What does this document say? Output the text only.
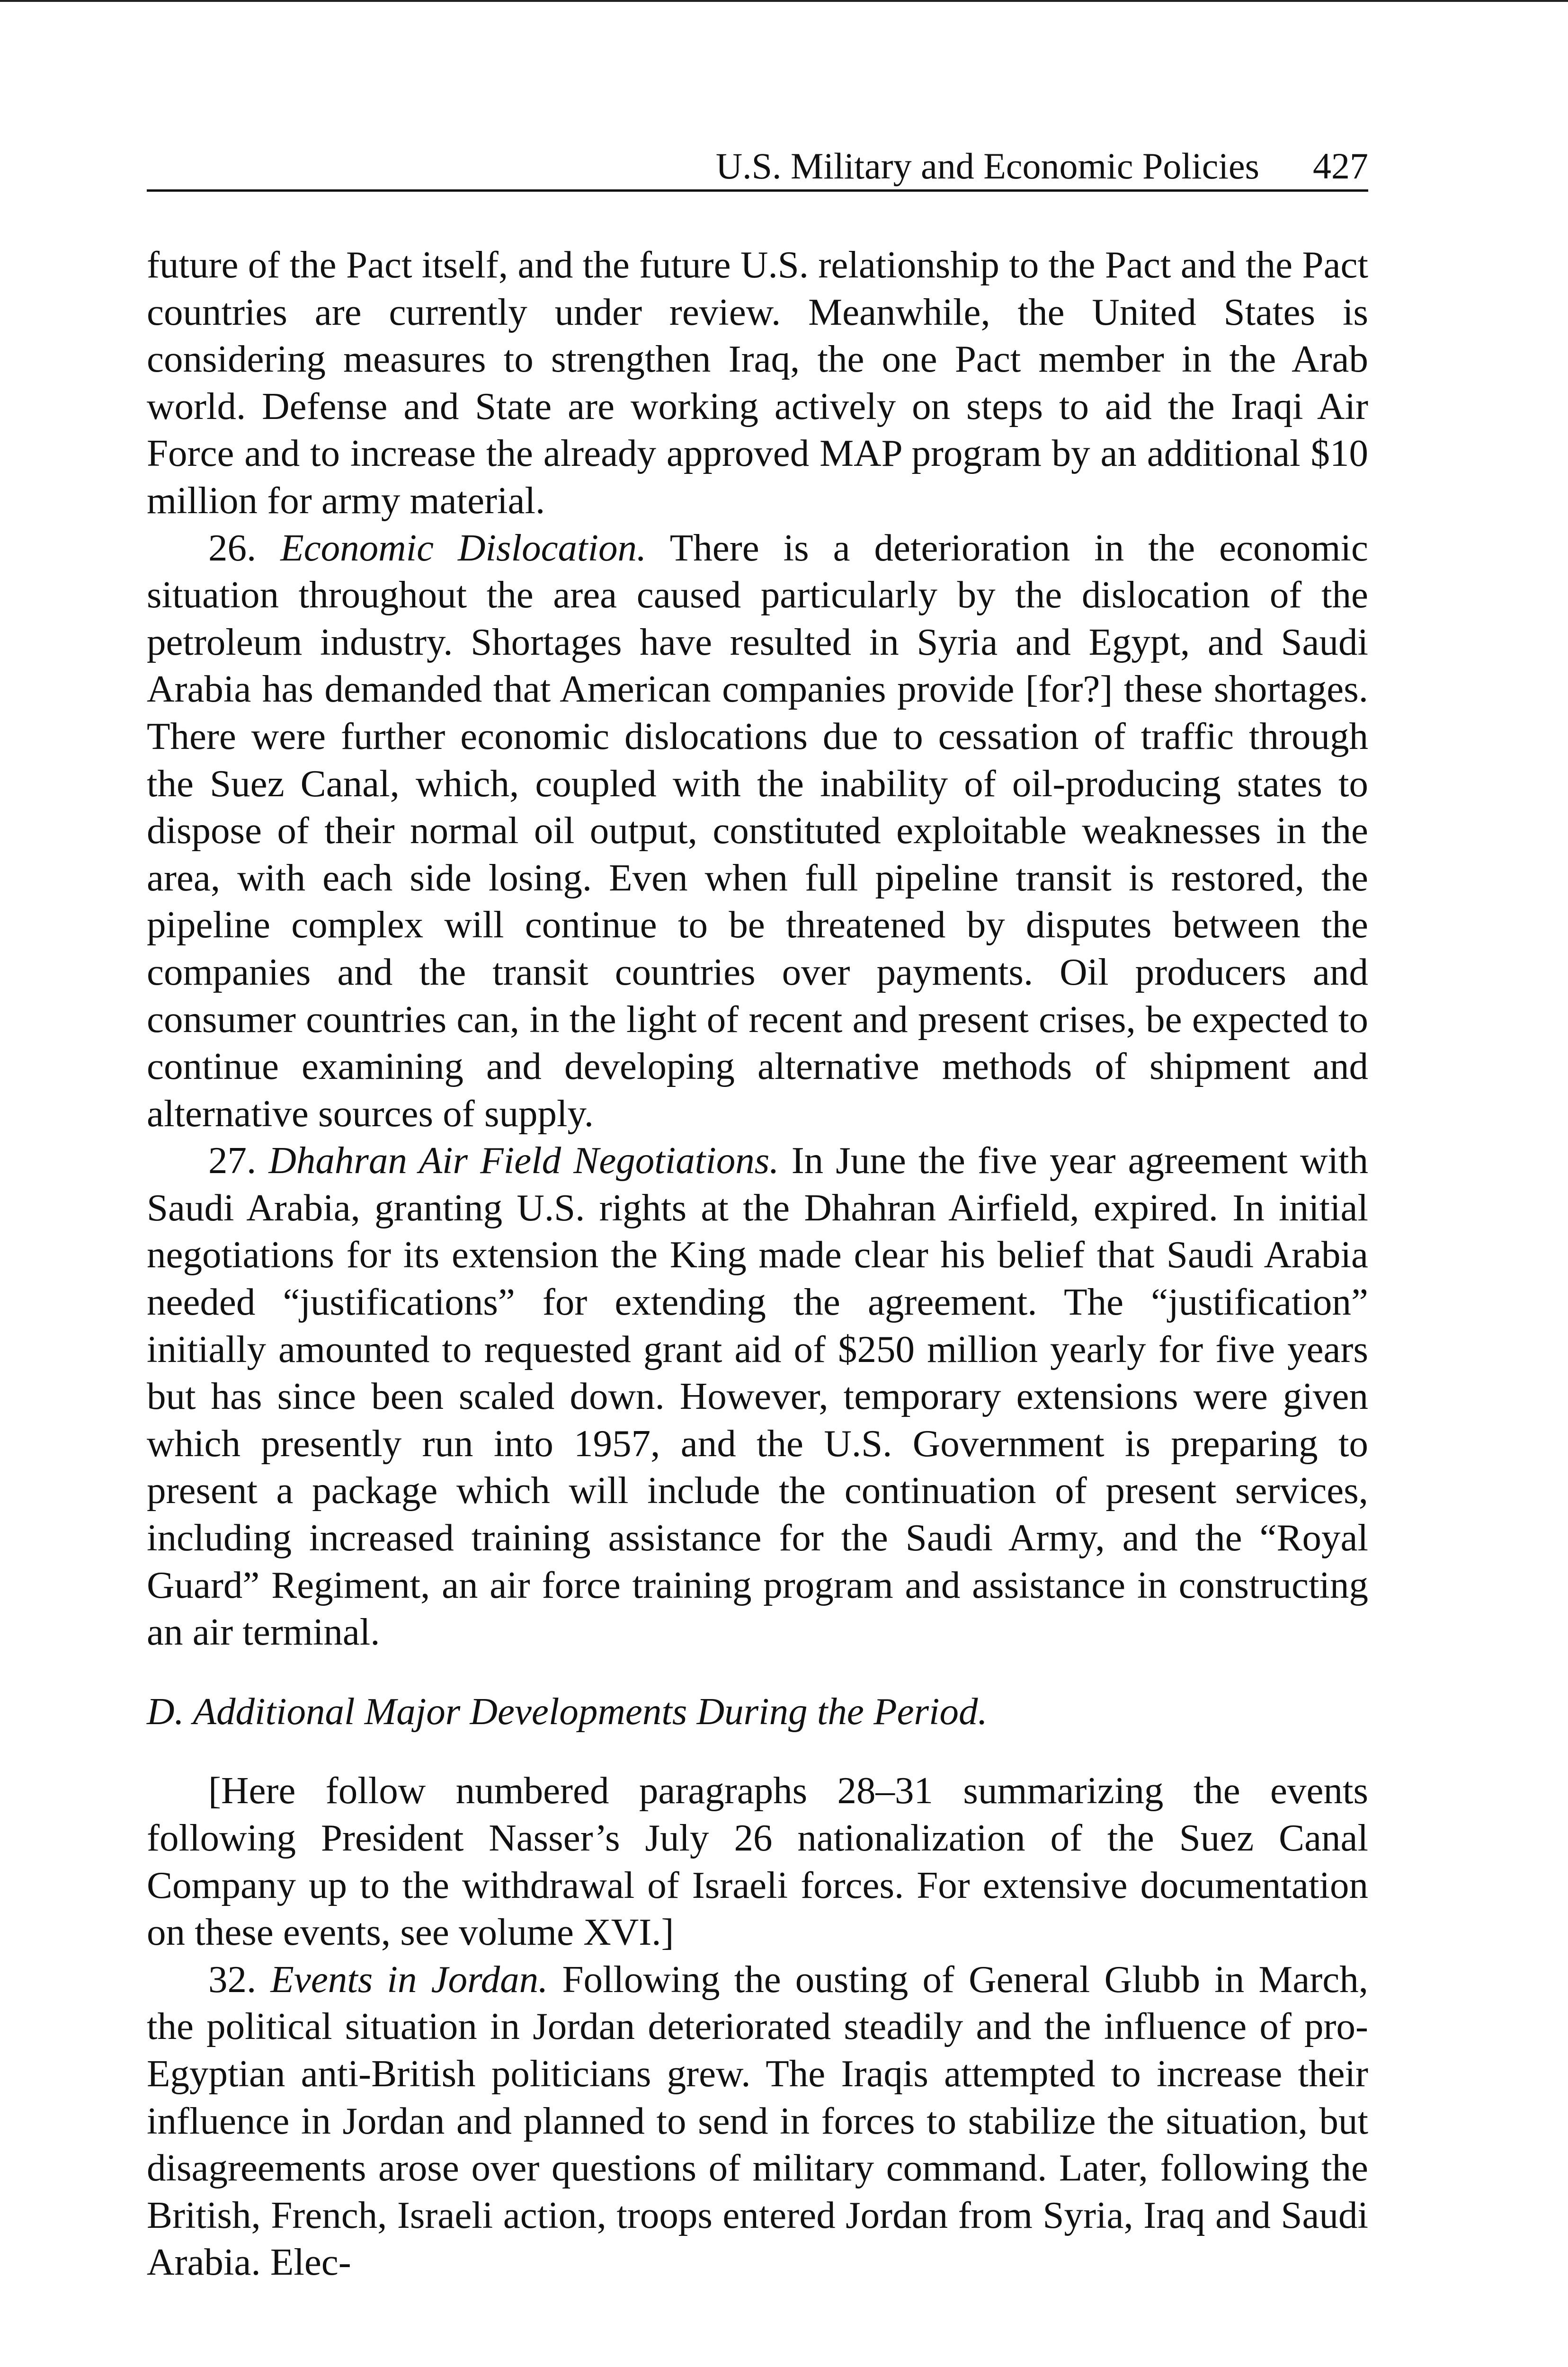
U.S. Military and Economic Policies 427

future of the Pact itself, and the future U.S. relationship to the Pact and the Pact countries are currently under review. Meanwhile, the United States is considering measures to strengthen Iraq, the one Pact member in the Arab world. Defense and State are working actively on steps to aid the Iraqi Air Force and to increase the already approved MAP program by an additional $10 million for army material.

26. Economic Dislocation. There is a deterioration in the economic situation throughout the area caused particularly by the dislocation of the petroleum industry. Shortages have resulted in Syria and Egypt, and Saudi Arabia has demanded that American companies provide [for?] these shortages. There were further economic dislocations due to cessation of traffic through the Suez Canal, which, coupled with the inability of oil-producing states to dispose of their normal oil output, constituted exploitable weaknesses in the area, with each side losing. Even when full pipeline transit is restored, the pipeline complex will continue to be threatened by disputes between the companies and the transit countries over payments. Oil producers and consumer countries can, in the light of recent and present crises, be expected to continue examining and developing alternative methods of shipment and alternative sources of supply.

27. Dhahran Air Field Negotiations. In June the five year agreement with Saudi Arabia, granting U.S. rights at the Dhahran Airfield, expired. In initial negotiations for its extension the King made clear his belief that Saudi Arabia needed “justifications” for extending the agreement. The “justification” initially amounted to requested grant aid of $250 million yearly for five years but has since been scaled down. However, temporary extensions were given which presently run into 1957, and the U.S. Government is preparing to present a package which will include the continuation of present services, including increased training assistance for the Saudi Army, and the “Royal Guard” Regiment, an air force training program and assistance in constructing an air terminal.

D. Additional Major Developments During the Period.

[Here follow numbered paragraphs 28–31 summarizing the events following President Nasser’s July 26 nationalization of the Suez Canal Company up to the withdrawal of Israeli forces. For extensive documentation on these events, see volume XVI.]

32. Events in Jordan. Following the ousting of General Glubb in March, the political situation in Jordan deteriorated steadily and the influence of pro-Egyptian anti-British politicians grew. The Iraqis attempted to increase their influence in Jordan and planned to send in forces to stabilize the situation, but disagreements arose over questions of military command. Later, following the British, French, Israeli action, troops entered Jordan from Syria, Iraq and Saudi Arabia. Elec-
